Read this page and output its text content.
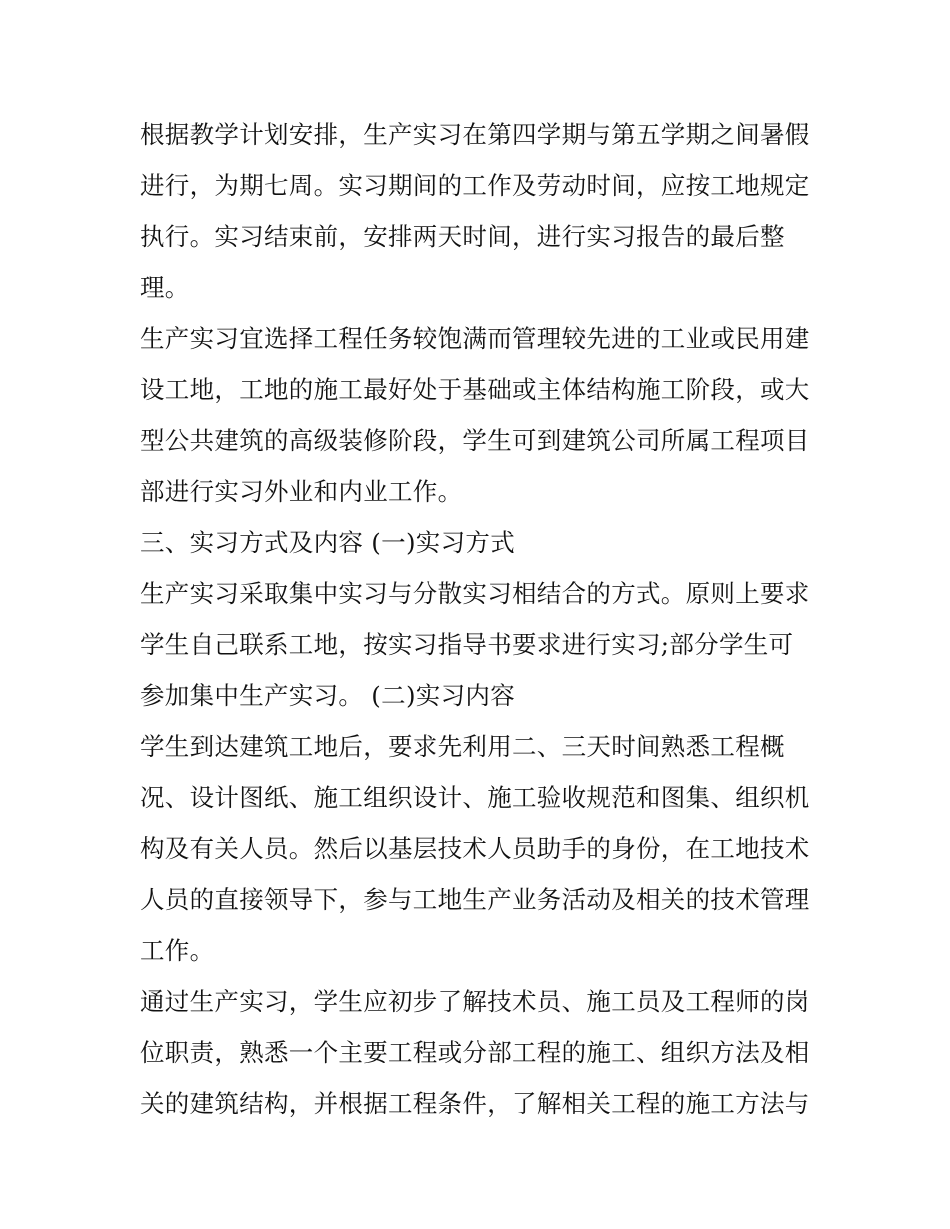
根据教学计划安排，生产实习在第四学期与第五学期之间暑假
进行，为期七周。实习期间的工作及劳动时间，应按工地规定
执行。实习结束前，安排两天时间，进行实习报告的最后整
理。
生产实习宜选择工程任务较饱满而管理较先进的工业或民用建
设工地，工地的施工最好处于基础或主体结构施工阶段，或大
型公共建筑的高级装修阶段，学生可到建筑公司所属工程项目
部进行实习外业和内业工作。
三、实习方式及内容 (一)实习方式
生产实习采取集中实习与分散实习相结合的方式。原则上要求
学生自己联系工地，按实习指导书要求进行实习;部分学生可
参加集中生产实习。 (二)实习内容
学生到达建筑工地后，要求先利用二、三天时间熟悉工程概
况、设计图纸、施工组织设计、施工验收规范和图集、组织机
构及有关人员。然后以基层技术人员助手的身份，在工地技术
人员的直接领导下，参与工地生产业务活动及相关的技术管理
工作。
通过生产实习，学生应初步了解技术员、施工员及工程师的岗
位职责，熟悉一个主要工程或分部工程的施工、组织方法及相
关的建筑结构，并根据工程条件，了解相关工程的施工方法与
